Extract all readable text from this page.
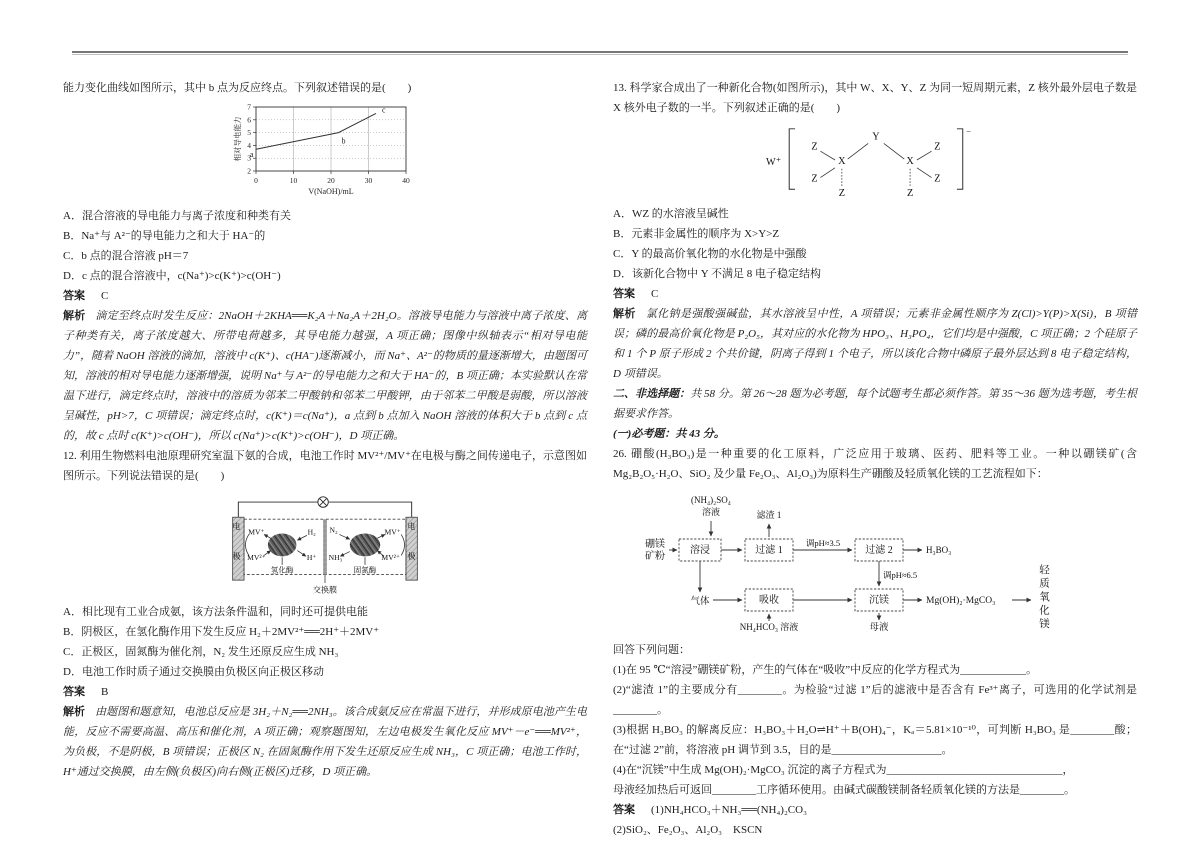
能力变化曲线如图所示，其中 b 点为反应终点。下列叙述错误的是(　　)

0	10	20	30	40
2
3
4
5
6
7
a
b
c
V(NaOH)/mL
相对导电能力

A．混合溶液的导电能力与离子浓度和种类有关

B．Na⁺与 A²⁻的导电能力之和大于 HA⁻的

C．b 点的混合溶液 pH＝7

D．c 点的混合溶液中，c(Na⁺)>c(K⁺)>c(OH⁻)

答案 C

解析 滴定至终点时发生反应：2NaOH＋2KHA══K₂A＋Na₂A＋2H₂O。溶液导电能力与溶液中离子浓度、离子种类有关，离子浓度越大、所带电荷越多，其导电能力越强，A 项正确；图像中纵轴表示“相对导电能力”，随着 NaOH 溶液的滴加，溶液中 c(K⁺)、c(HA⁻)逐渐减小，而 Na⁺、A²⁻的物质的量逐渐增大，由题图可知，溶液的相对导电能力逐渐增强，说明 Na⁺与 A²⁻的导电能力之和大于 HA⁻的，B 项正确；本实验默认在常温下进行，滴定终点时，溶液中的溶质为邻苯二甲酸钠和邻苯二甲酸钾，由于邻苯二甲酸是弱酸，所以溶液呈碱性，pH>7，C 项错误；滴定终点时，c(K⁺)＝c(Na⁺)，a 点到 b 点加入 NaOH 溶液的体积大于 b 点到 c 点的，故 c 点时 c(K⁺)>c(OH⁻)，所以 c(Na⁺)>c(K⁺)>c(OH⁻)，D 项正确。

12. 利用生物燃料电池原理研究室温下氨的合成，电池工作时 MV²⁺/MV⁺在电极与酶之间传递电子，示意图如图所示。下列说法错误的是(　　)

MV⁺
MV²⁺
H₂
H⁺
N₂
NH₃
MV⁺
MV²⁺
氢化酶	固氮酶
交换膜
电极	电极

A．相比现有工业合成氨，该方法条件温和，同时还可提供电能

B．阴极区，在氢化酶作用下发生反应 H₂＋2MV²⁺══2H⁺＋2MV⁺

C．正极区，固氮酶为催化剂，N₂ 发生还原反应生成 NH₃

D．电池工作时质子通过交换膜由负极区向正极区移动

答案 B

解析 由题图和题意知，电池总反应是 3H₂＋N₂══2NH₃。该合成氨反应在常温下进行，并形成原电池产生电能，反应不需要高温、高压和催化剂，A 项正确；观察题图知，左边电极发生氧化反应 MV⁺－e⁻══MV²⁺，为负极，不是阴极，B 项错误；正极区 N₂ 在固氮酶作用下发生还原反应生成 NH₃，C 项正确；电池工作时，H⁺通过交换膜，由左侧(负极区)向右侧(正极区)迁移，D 项正确。

13. 科学家合成出了一种新化合物(如图所示)，其中 W、X、Y、Z 为同一短周期元素，Z 核外最外层电子数是 X 核外电子数的一半。下列叙述正确的是(　　)

W⁺
Y
X	X
Z
Z
Z
Z
Z
Z
−

A．WZ 的水溶液呈碱性

B．元素非金属性的顺序为 X>Y>Z

C．Y 的最高价氧化物的水化物是中强酸

D．该新化合物中 Y 不满足 8 电子稳定结构

答案 C

解析 氯化钠是强酸强碱盐，其水溶液呈中性，A 项错误；元素非金属性顺序为 Z(Cl)>Y(P)>X(Si)，B 项错误；磷的最高价氧化物是 P₂O₅，其对应的水化物为 HPO₃、H₃PO₄，它们均是中强酸，C 项正确；2 个硅原子和 1 个 P 原子形成 2 个共价键，阴离子得到 1 个电子，所以该化合物中磷原子最外层达到 8 电子稳定结构，D 项错误。

二、非选择题：共 58 分。第 26～28 题为必考题，每个试题考生都必须作答。第 35～36 题为选考题，考生根据要求作答。

(一)必考题：共 43 分。

26. 硼酸(H₃BO₃)是一种重要的化工原料，广泛应用于玻璃、医药、肥料等工业。一种以硼镁矿(含 Mg₂B₂O₅·H₂O、SiO₂ 及少量 Fe₂O₃、Al₂O₃)为原料生产硼酸及轻质氧化镁的工艺流程如下：

硼镁
矿粉
(NH₄)₂SO₄
溶液	滤渣 1
溶浸	过滤 1	过滤 2
吸收	沉镁
调pH≈3.5
调pH≈6.5
H₃BO₃
气体
NH₄HCO₃ 溶液	母液
Mg(OH)₂·MgCO₃	轻质氧化镁

回答下列问题：

(1)在 95 ℃“溶浸”硼镁矿粉，产生的气体在“吸收”中反应的化学方程式为____________。

(2)“滤渣 1”的主要成分有________。为检验“过滤 1”后的滤液中是否含有 Fe³⁺离子，可选用的化学试剂是________。

(3)根据 H₃BO₃ 的解离反应：H₃BO₃＋H₂O⇌H⁺＋B(OH)₄⁻，Kₐ＝5.81×10⁻¹⁰，可判断 H₃BO₃ 是________酸；在“过滤 2”前，将溶液 pH 调节到 3.5，目的是____________________。

(4)在“沉镁”中生成 Mg(OH)₂·MgCO₃ 沉淀的离子方程式为________________________________，

母液经加热后可返回________工序循环使用。由碱式碳酸镁制备轻质氧化镁的方法是________。

答案 (1)NH₄HCO₃＋NH₃══(NH₄)₂CO₃

(2)SiO₂、Fe₂O₃、Al₂O₃　KSCN
